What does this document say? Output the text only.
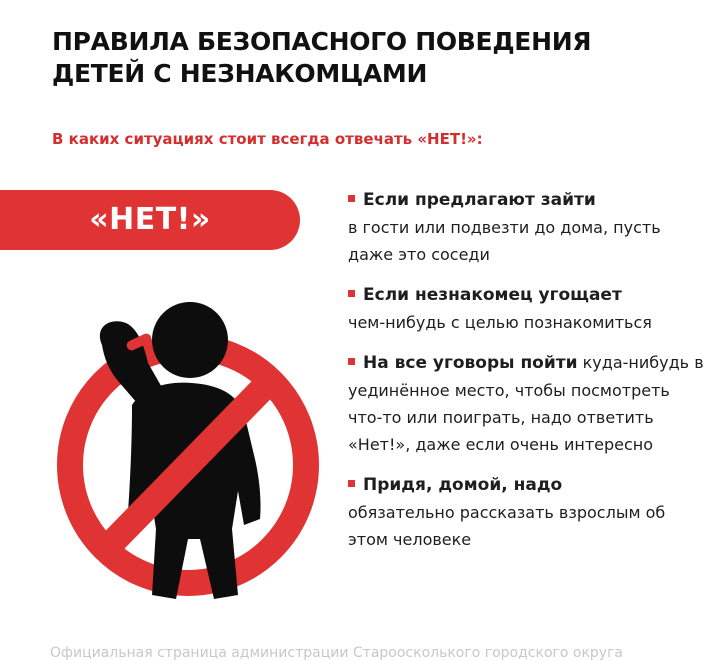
ПРАВИЛА БЕЗОПАСНОГО ПОВЕДЕНИЯ
ДЕТЕЙ С НЕЗНАКОМЦАМИ

В каких ситуациях стоит всегда отвечать «НЕТ!»:

«НЕТ!»
Если предлагают зайти
в гости или подвезти до дома, пусть даже это соседи
Если незнакомец угощает
чем-нибудь с целью познакомиться
На все уговоры пойти куда-нибудь в уединённое место, чтобы посмотреть что-то или поиграть, надо ответить «Нет!», даже если очень интересно
Придя, домой, надо
обязательно рассказать взрослым об этом человеке
Официальная страница администрации Староосколького городского округа
